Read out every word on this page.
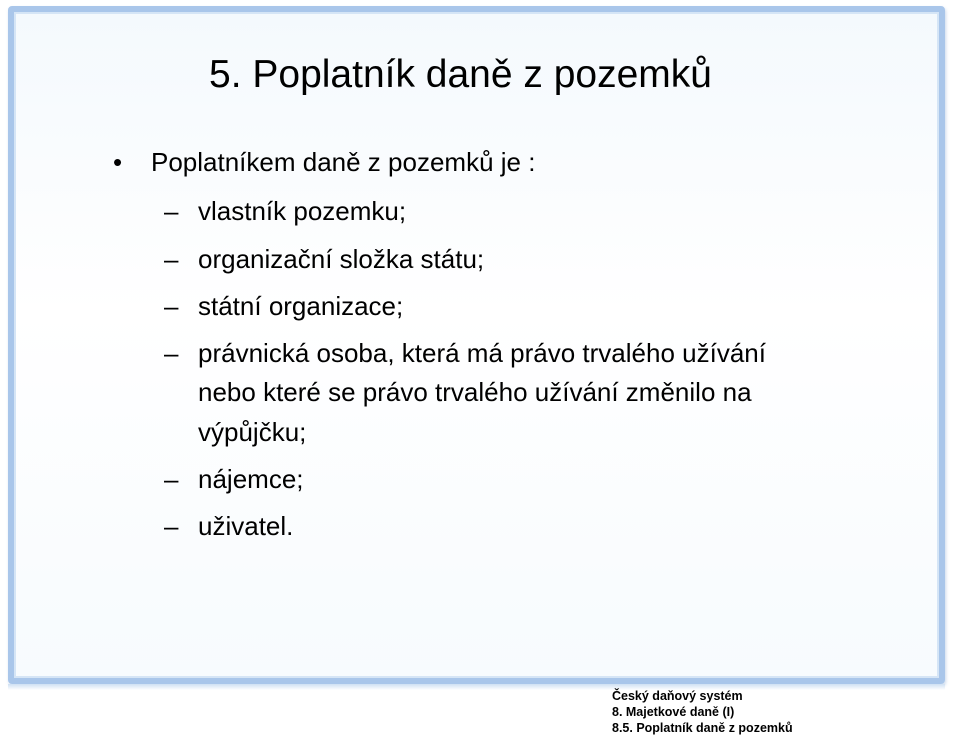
5. Poplatník daně z pozemků
•	Poplatníkem daně z pozemků je :
– vlastník pozemku;
– organizační složka státu;
– státní organizace;
– právnická osoba, která má právo trvalého užívání
nebo které se právo trvalého užívání změnilo na
výpůjčku;
– nájemce;
– uživatel.
Český daňový systém
8. Majetkové daně (I)
8.5. Poplatník daně z pozemků
